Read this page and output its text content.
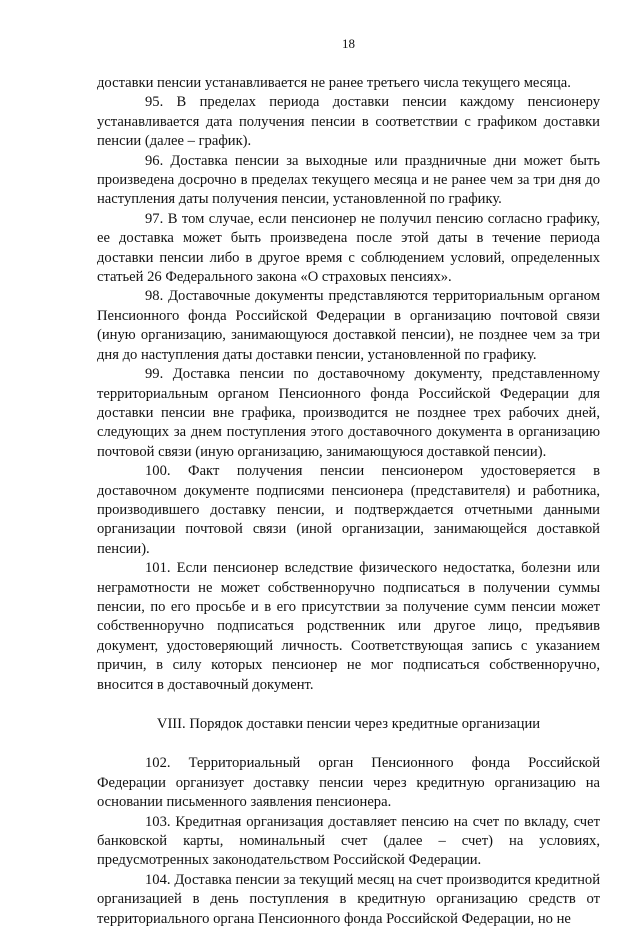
18

доставки пенсии устанавливается не ранее третьего числа текущего месяца.

95. В пределах периода доставки пенсии каждому пенсионеру устанавливается дата получения пенсии в соответствии с графиком доставки пенсии (далее – график).

96. Доставка пенсии за выходные или праздничные дни может быть произведена досрочно в пределах текущего месяца и не ранее чем за три дня до наступления даты получения пенсии, установленной по графику.

97. В том случае, если пенсионер не получил пенсию согласно графику, ее доставка может быть произведена после этой даты в течение периода доставки пенсии либо в другое время с соблюдением условий, определенных статьей 26 Федерального закона «О страховых пенсиях».

98. Доставочные документы представляются территориальным органом Пенсионного фонда Российской Федерации в организацию почтовой связи (иную организацию, занимающуюся доставкой пенсии), не позднее чем за три дня до наступления даты доставки пенсии, установленной по графику.

99. Доставка пенсии по доставочному документу, представленному территориальным органом Пенсионного фонда Российской Федерации для доставки пенсии вне графика, производится не позднее трех рабочих дней, следующих за днем поступления этого доставочного документа в организацию почтовой связи (иную организацию, занимающуюся доставкой пенсии).

100. Факт получения пенсии пенсионером удостоверяется в доставочном документе подписями пенсионера (представителя) и работника, производившего доставку пенсии, и подтверждается отчетными данными организации почтовой связи (иной организации, занимающейся доставкой пенсии).

101. Если пенсионер вследствие физического недостатка, болезни или неграмотности не может собственноручно подписаться в получении суммы пенсии, по его просьбе и в его присутствии за получение сумм пенсии может собственноручно подписаться родственник или другое лицо, предъявив документ, удостоверяющий личность. Соответствующая запись с указанием причин, в силу которых пенсионер не мог подписаться собственноручно, вносится в доставочный документ.

VIII. Порядок доставки пенсии через кредитные организации

102. Территориальный орган Пенсионного фонда Российской Федерации организует доставку пенсии через кредитную организацию на основании письменного заявления пенсионера.

103. Кредитная организация доставляет пенсию на счет по вкладу, счет банковской карты, номинальный счет (далее – счет) на условиях, предусмотренных законодательством Российской Федерации.

104. Доставка пенсии за текущий месяц на счет производится кредитной организацией в день поступления в кредитную организацию средств от территориального органа Пенсионного фонда Российской Федерации, но не
